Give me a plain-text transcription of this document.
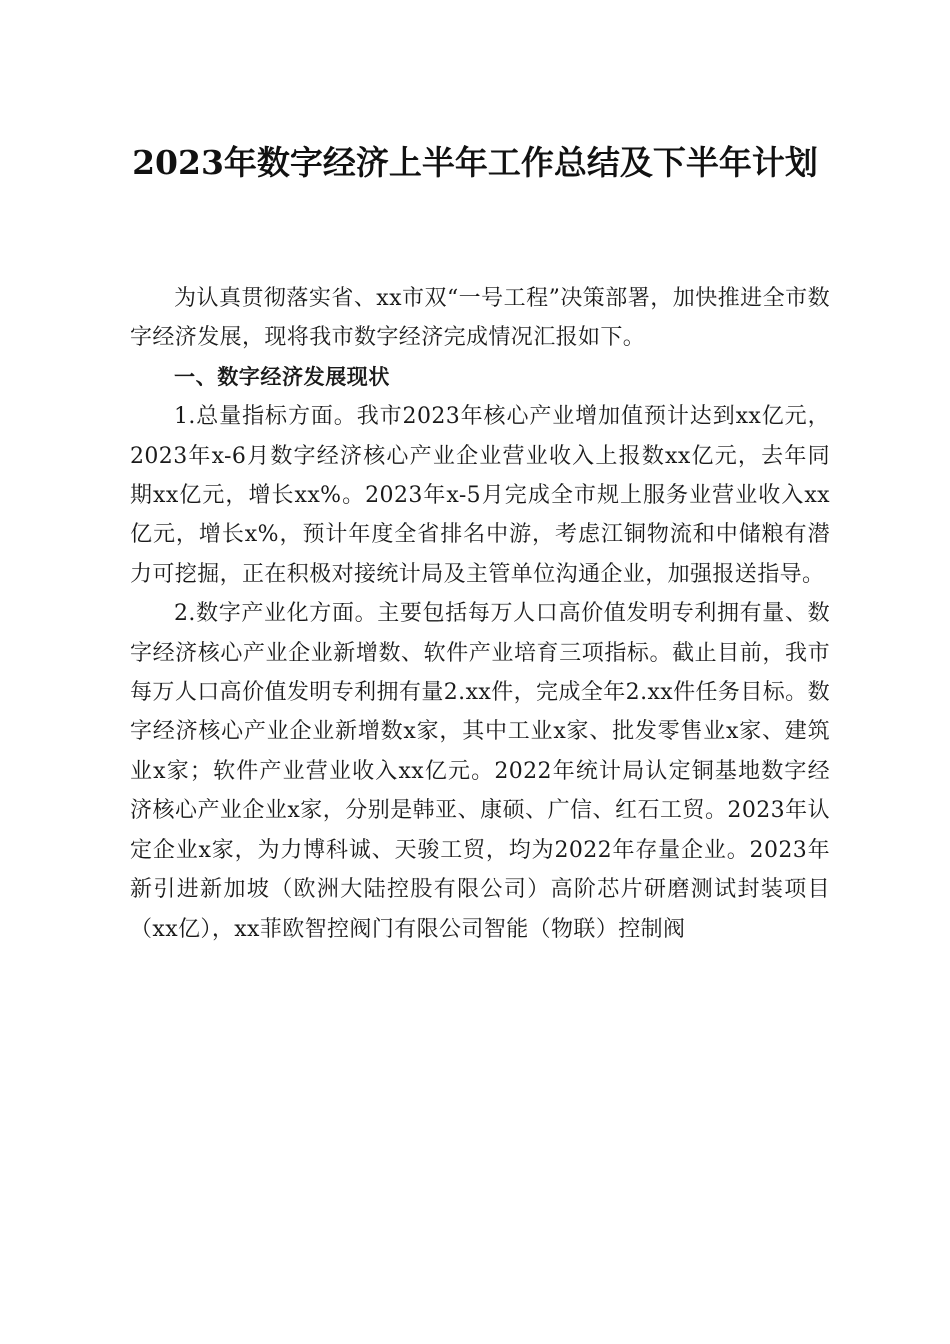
2023年数字经济上半年工作总结及下半年计划

为认真贯彻落实省、xx市双“一号工程”决策部署，加快推进全市数字经济发展，现将我市数字经济完成情况汇报如下。

一、数字经济发展现状

1.总量指标方面。我市2023年核心产业增加值预计达到xx亿元，2023年x-6月数字经济核心产业企业营业收入上报数xx亿元，去年同期xx亿元，增长xx%。2023年x-5月完成全市规上服务业营业收入xx亿元，增长x%，预计年度全省排名中游，考虑江铜物流和中储粮有潜力可挖掘，正在积极对接统计局及主管单位沟通企业，加强报送指导。

2.数字产业化方面。主要包括每万人口高价值发明专利拥有量、数字经济核心产业企业新增数、软件产业培育三项指标。截止目前，我市每万人口高价值发明专利拥有量2.xx件，完成全年2.xx件任务目标。数字经济核心产业企业新增数x家，其中工业x家、批发零售业x家、建筑业x家；软件产业营业收入xx亿元。2022年统计局认定铜基地数字经济核心产业企业x家，分别是韩亚、康硕、广信、红石工贸。2023年认定企业x家，为力博科诚、天骏工贸，均为2022年存量企业。2023年新引进新加坡（欧洲大陆控股有限公司）高阶芯片研磨测试封装项目（xx亿），xx菲欧智控阀门有限公司智能（物联）控制阀
